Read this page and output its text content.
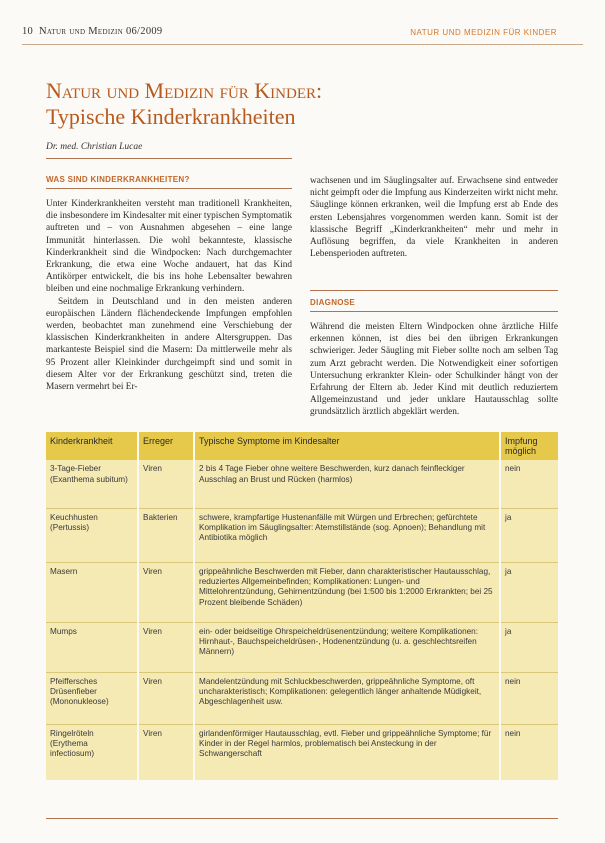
10 Natur und Medizin 06/2009	NATUR UND MEDIZIN FÜR KINDER
Natur und Medizin für Kinder:
Typische Kinderkrankheiten
Dr. med. Christian Lucae
WAS SIND KINDERKRANKHEITEN?

Unter Kinderkrankheiten versteht man traditionell Krankheiten, die insbesondere im Kindesalter mit einer typischen Symptomatik auftreten und – von Ausnahmen abgesehen – eine lange Immunität hinterlassen. Die wohl bekannteste, klassische Kinderkrankheit sind die Windpocken: Nach durchgemachter Erkrankung, die etwa eine Woche andauert, hat das Kind Antikörper entwickelt, die bis ins hohe Lebensalter bewahren bleiben und eine nochmalige Erkrankung verhindern.

Seitdem in Deutschland und in den meisten anderen europäischen Ländern flächendeckende Impfungen empfohlen werden, beobachtet man zunehmend eine Verschiebung der klassischen Kinderkrankheiten in andere Altersgruppen. Das markanteste Beispiel sind die Masern: Da mittlerweile mehr als 95 Prozent aller Kleinkinder durchgeimpft sind und somit in diesem Alter vor der Erkrankung geschützt sind, treten die Masern vermehrt bei Er-

wachsenen und im Säuglingsalter auf. Erwachsene sind entweder nicht geimpft oder die Impfung aus Kinderzeiten wirkt nicht mehr. Säuglinge können erkranken, weil die Impfung erst ab Ende des ersten Lebensjahres vorgenommen werden kann. Somit ist der klassische Begriff „Kinderkrankheiten“ mehr und mehr in Auflösung begriffen, da viele Krankheiten in anderen Lebensperioden auftreten.

DIAGNOSE

Während die meisten Eltern Windpocken ohne ärztliche Hilfe erkennen können, ist dies bei den übrigen Erkrankungen schwieriger. Jeder Säugling mit Fieber sollte noch am selben Tag zum Arzt gebracht werden. Die Notwendigkeit einer sofortigen Untersuchung erkrankter Klein- oder Schulkinder hängt von der Erfahrung der Eltern ab. Jeder Kind mit deutlich reduziertem Allgemeinzustand und jeder unklare Hautausschlag sollte grundsätzlich ärztlich abgeklärt werden.

Kinderkrankheit	Erreger	Typische Symptome im Kindesalter	Impfung möglich
3-Tage-Fieber (Exanthema subitum)	Viren	2 bis 4 Tage Fieber ohne weitere Beschwerden, kurz danach feinfleckiger Ausschlag an Brust und Rücken (harmlos)	nein
Keuchhusten (Pertussis)	Bakterien	schwere, krampfartige Hustenanfälle mit Würgen und Erbrechen; gefürchtete Komplikation im Säuglingsalter: Atemstillstände (sog. Apnoen); Behandlung mit Antibiotika möglich	ja
Masern	Viren	grippeähnliche Beschwerden mit Fieber, dann charakteristischer Hautausschlag, reduziertes Allgemeinbefinden; Komplikationen: Lungen- und Mittelohrentzündung, Gehirnentzündung (bei 1:500 bis 1:2000 Erkrankten; bei 25 Prozent bleibende Schäden)	ja
Mumps	Viren	ein- oder beidseitige Ohrspeicheldrüsenentzündung; weitere Komplikationen: Hirnhaut-, Bauchspeicheldrüsen-, Hodenentzündung (u. a. geschlechtsreifen Männern)	ja
Pfeiffersches Drüsenfieber (Mononukleose)	Viren	Mandelentzündung mit Schluckbeschwerden, grippeähnliche Symptome, oft uncharakteristisch; Komplikationen: gelegentlich länger anhaltende Müdigkeit, Abgeschlagenheit usw.	nein
Ringelröteln (Erythema infectiosum)	Viren	girlandenförmiger Hautausschlag, evtl. Fieber und grippeähnliche Symptome; für Kinder in der Regel harmlos, problematisch bei Ansteckung in der Schwangerschaft	nein
